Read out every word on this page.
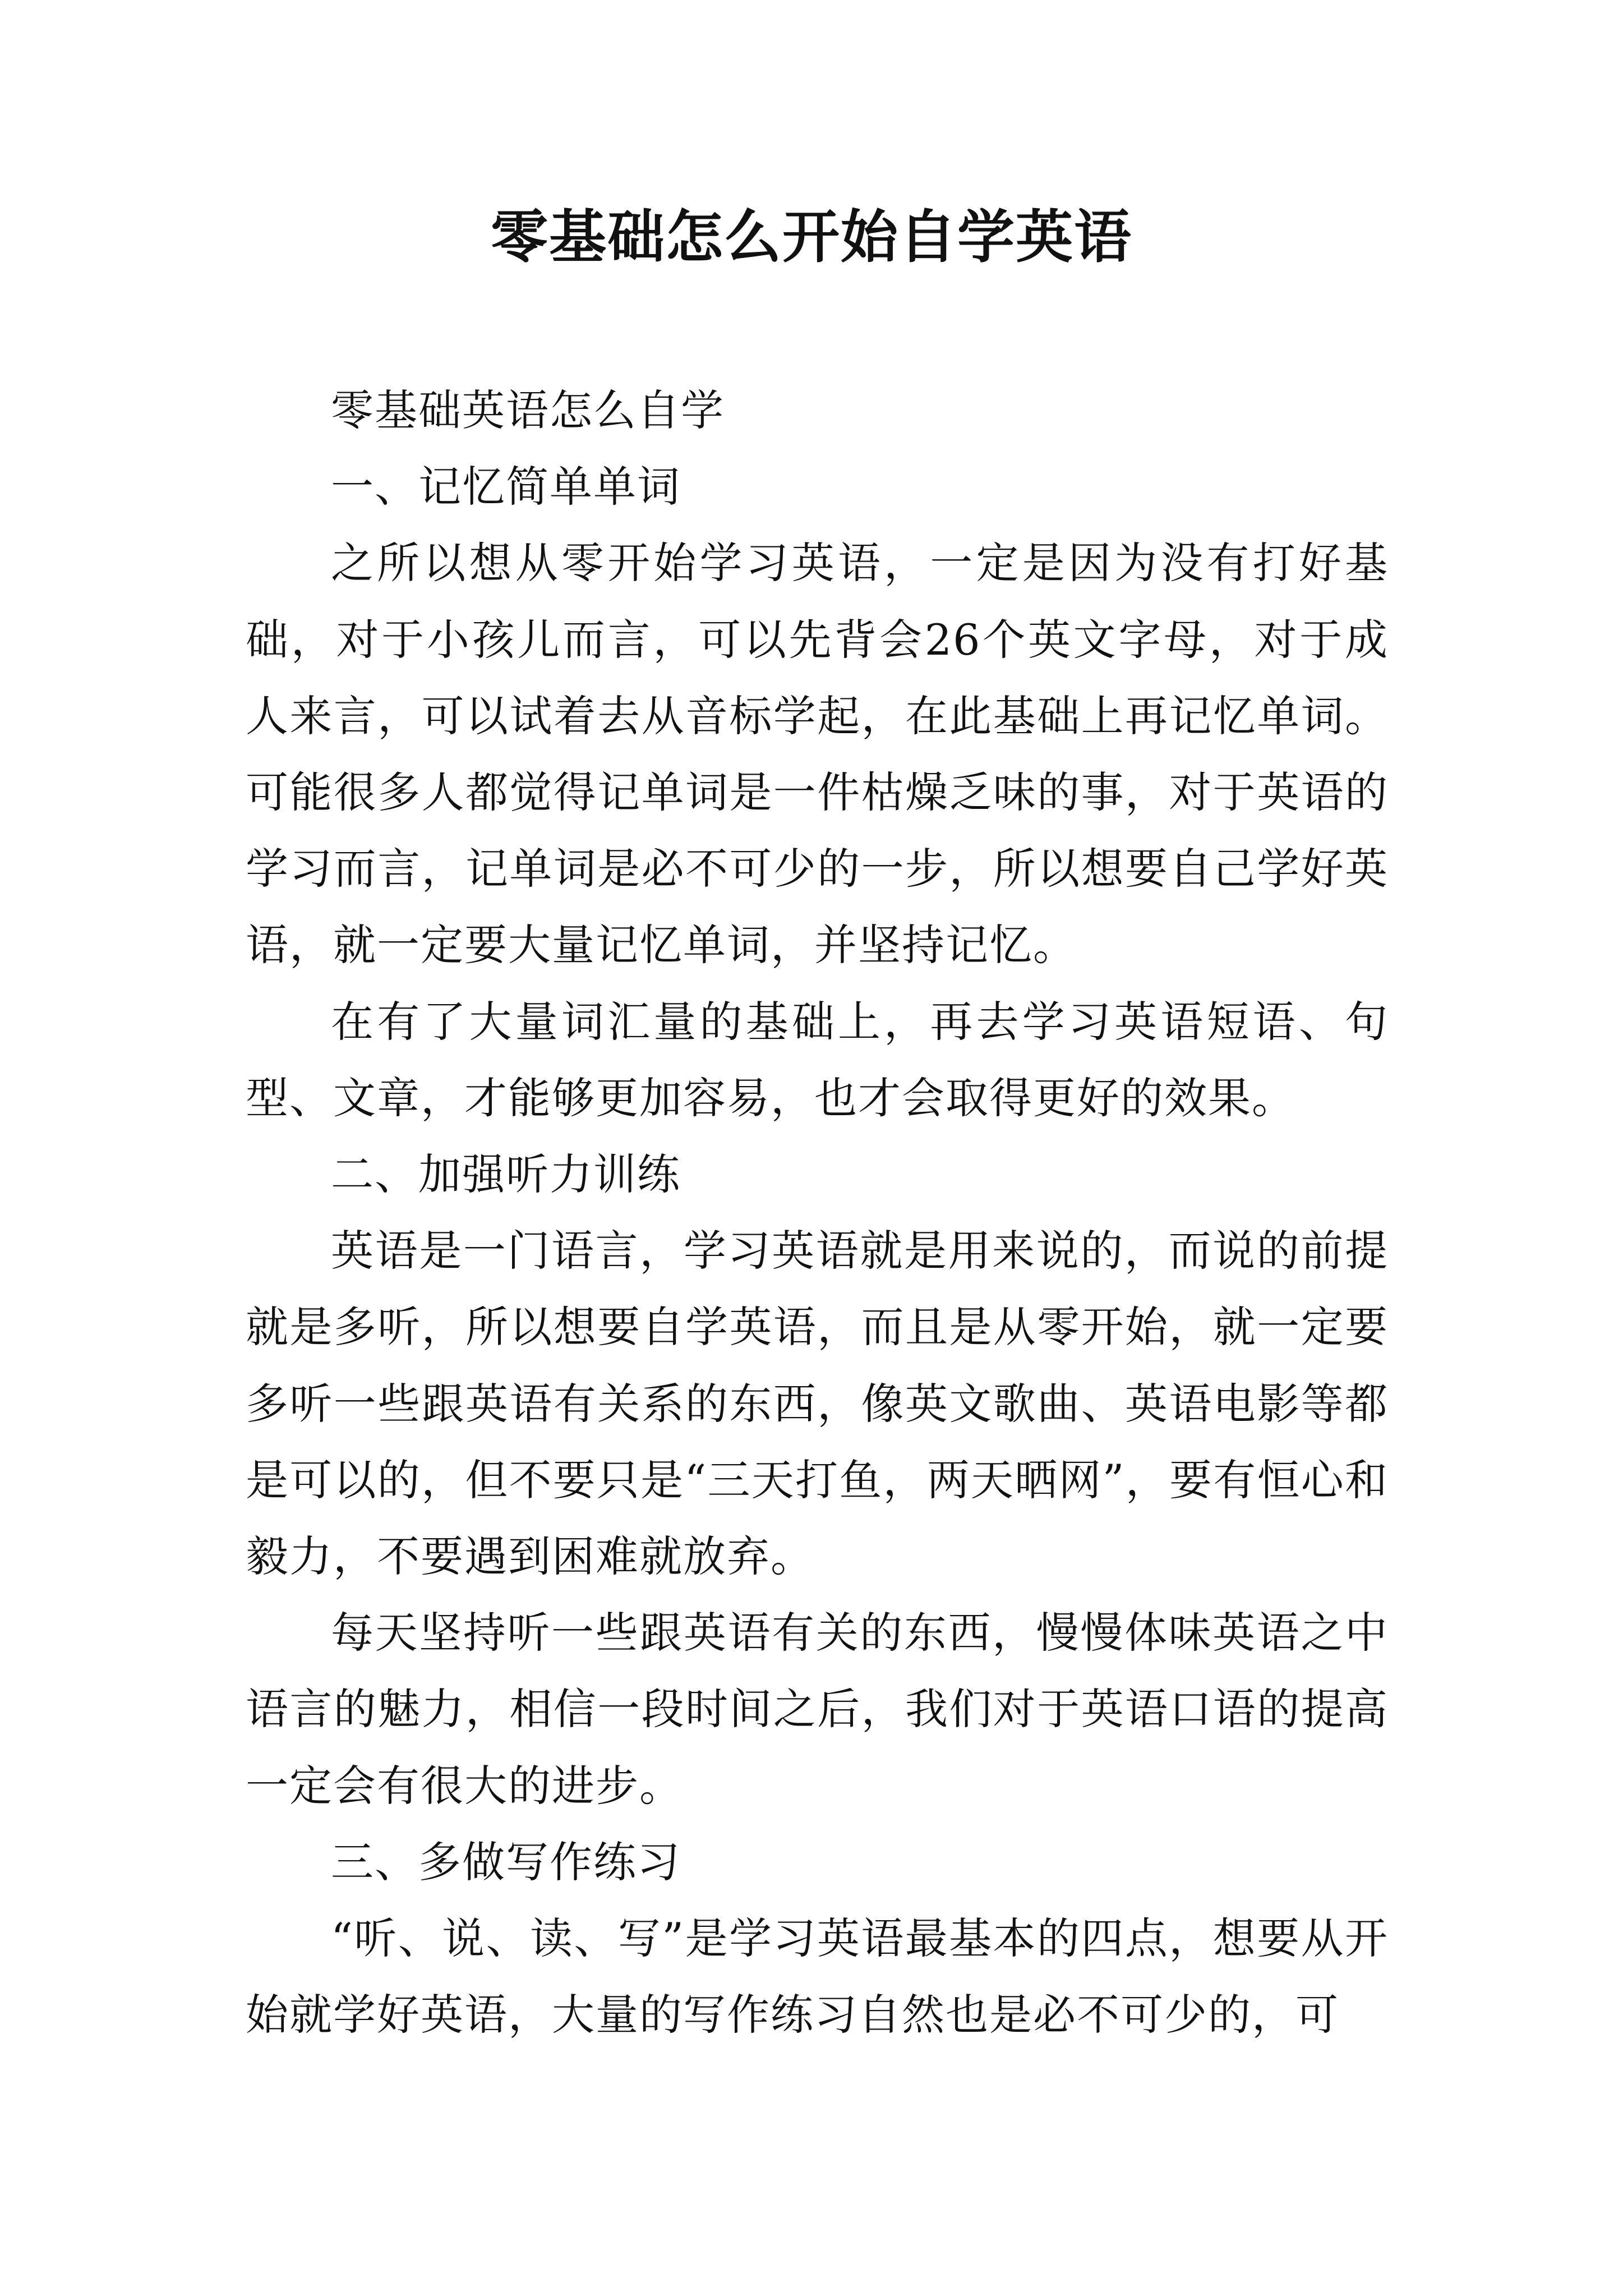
零基础怎么开始自学英语

零基础英语怎么自学

一、记忆简单单词

之所以想从零开始学习英语，一定是因为没有打好基础，对于小孩儿而言，可以先背会26个英文字母，对于成人来言，可以试着去从音标学起，在此基础上再记忆单词。可能很多人都觉得记单词是一件枯燥乏味的事，对于英语的学习而言，记单词是必不可少的一步，所以想要自己学好英语，就一定要大量记忆单词，并坚持记忆。

在有了大量词汇量的基础上，再去学习英语短语、句型、文章，才能够更加容易，也才会取得更好的效果。

二、加强听力训练

英语是一门语言，学习英语就是用来说的，而说的前提就是多听，所以想要自学英语，而且是从零开始，就一定要多听一些跟英语有关系的东西，像英文歌曲、英语电影等都是可以的，但不要只是“三天打鱼，两天晒网”，要有恒心和毅力，不要遇到困难就放弃。

每天坚持听一些跟英语有关的东西，慢慢体味英语之中语言的魅力，相信一段时间之后，我们对于英语口语的提高一定会有很大的进步。

三、多做写作练习

“听、说、读、写”是学习英语最基本的四点，想要从开始就学好英语，大量的写作练习自然也是必不可少的，可
